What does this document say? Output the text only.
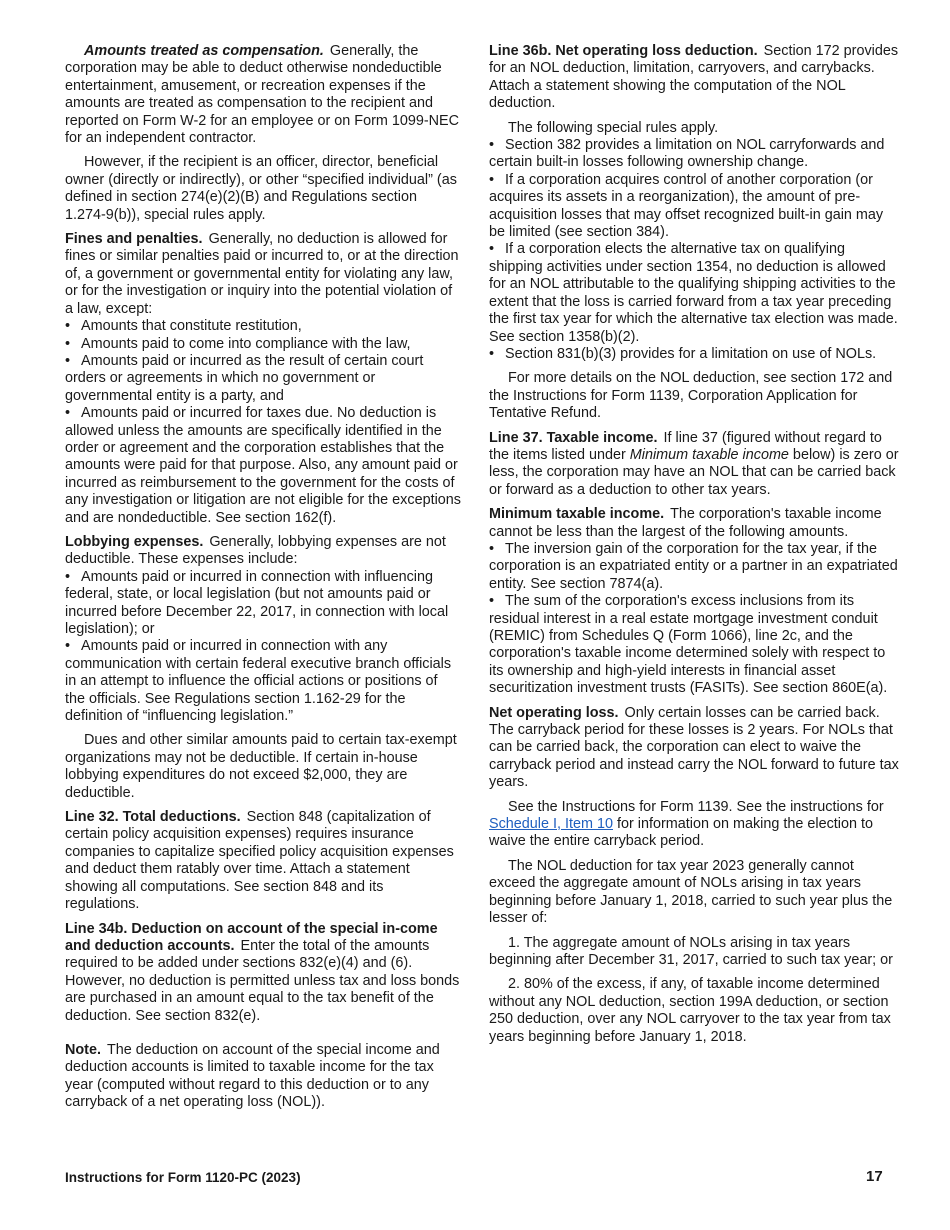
Amounts treated as compensation. Generally, the corporation may be able to deduct otherwise nondeductible entertainment, amusement, or recreation expenses if the amounts are treated as compensation to the recipient and reported on Form W-2 for an employee or on Form 1099-NEC for an independent contractor.
However, if the recipient is an officer, director, beneficial owner (directly or indirectly), or other “specified individual” (as defined in section 274(e)(2)(B) and Regulations section 1.274-9(b)), special rules apply.
Fines and penalties. Generally, no deduction is allowed for fines or similar penalties paid or incurred to, or at the direction of, a government or governmental entity for violating any law, or for the investigation or inquiry into the potential violation of a law, except:
• Amounts that constitute restitution,
• Amounts paid to come into compliance with the law,
• Amounts paid or incurred as the result of certain court orders or agreements in which no government or governmental entity is a party, and
• Amounts paid or incurred for taxes due. No deduction is allowed unless the amounts are specifically identified in the order or agreement and the corporation establishes that the amounts were paid for that purpose. Also, any amount paid or incurred as reimbursement to the government for the costs of any investigation or litigation are not eligible for the exceptions and are nondeductible. See section 162(f).
Lobbying expenses. Generally, lobbying expenses are not deductible. These expenses include:
• Amounts paid or incurred in connection with influencing federal, state, or local legislation (but not amounts paid or incurred before December 22, 2017, in connection with local legislation); or
• Amounts paid or incurred in connection with any communication with certain federal executive branch officials in an attempt to influence the official actions or positions of the officials. See Regulations section 1.162-29 for the definition of “influencing legislation.”
Dues and other similar amounts paid to certain tax-exempt organizations may not be deductible. If certain in-house lobbying expenditures do not exceed $2,000, they are deductible.
Line 32. Total deductions. Section 848 (capitalization of certain policy acquisition expenses) requires insurance companies to capitalize specified policy acquisition expenses and deduct them ratably over time. Attach a statement showing all computations. See section 848 and its regulations.
Line 34b. Deduction on account of the special in-come and deduction accounts. Enter the total of the amounts required to be added under sections 832(e)(4) and (6). However, no deduction is permitted unless tax and loss bonds are purchased in an amount equal to the tax benefit of the deduction. See section 832(e).
Note. The deduction on account of the special income and deduction accounts is limited to taxable income for the tax year (computed without regard to this deduction or to any carryback of a net operating loss (NOL)).
Line 36b. Net operating loss deduction. Section 172 provides for an NOL deduction, limitation, carryovers, and carrybacks. Attach a statement showing the computation of the NOL deduction.
The following special rules apply.
• Section 382 provides a limitation on NOL carryforwards and certain built-in losses following ownership change.
• If a corporation acquires control of another corporation (or acquires its assets in a reorganization), the amount of pre-acquisition losses that may offset recognized built-in gain may be limited (see section 384).
• If a corporation elects the alternative tax on qualifying shipping activities under section 1354, no deduction is allowed for an NOL attributable to the qualifying shipping activities to the extent that the loss is carried forward from a tax year preceding the first tax year for which the alternative tax election was made. See section 1358(b)(2).
• Section 831(b)(3) provides for a limitation on use of NOLs.
For more details on the NOL deduction, see section 172 and the Instructions for Form 1139, Corporation Application for Tentative Refund.
Line 37. Taxable income. If line 37 (figured without regard to the items listed under Minimum taxable income below) is zero or less, the corporation may have an NOL that can be carried back or forward as a deduction to other tax years.
Minimum taxable income. The corporation's taxable income cannot be less than the largest of the following amounts.
• The inversion gain of the corporation for the tax year, if the corporation is an expatriated entity or a partner in an expatriated entity. See section 7874(a).
• The sum of the corporation's excess inclusions from its residual interest in a real estate mortgage investment conduit (REMIC) from Schedules Q (Form 1066), line 2c, and the corporation's taxable income determined solely with respect to its ownership and high-yield interests in financial asset securitization investment trusts (FASITs). See section 860E(a).
Net operating loss. Only certain losses can be carried back. The carryback period for these losses is 2 years. For NOLs that can be carried back, the corporation can elect to waive the carryback period and instead carry the NOL forward to future tax years.
See the Instructions for Form 1139. See the instructions for Schedule I, Item 10 for information on making the election to waive the entire carryback period.
The NOL deduction for tax year 2023 generally cannot exceed the aggregate amount of NOLs arising in tax years beginning before January 1, 2018, carried to such year plus the lesser of:
1. The aggregate amount of NOLs arising in tax years beginning after December 31, 2017, carried to such tax year; or
2. 80% of the excess, if any, of taxable income determined without any NOL deduction, section 199A deduction, or section 250 deduction, over any NOL carryover to the tax year from tax years beginning before January 1, 2018.
Instructions for Form 1120-PC (2023)	17
